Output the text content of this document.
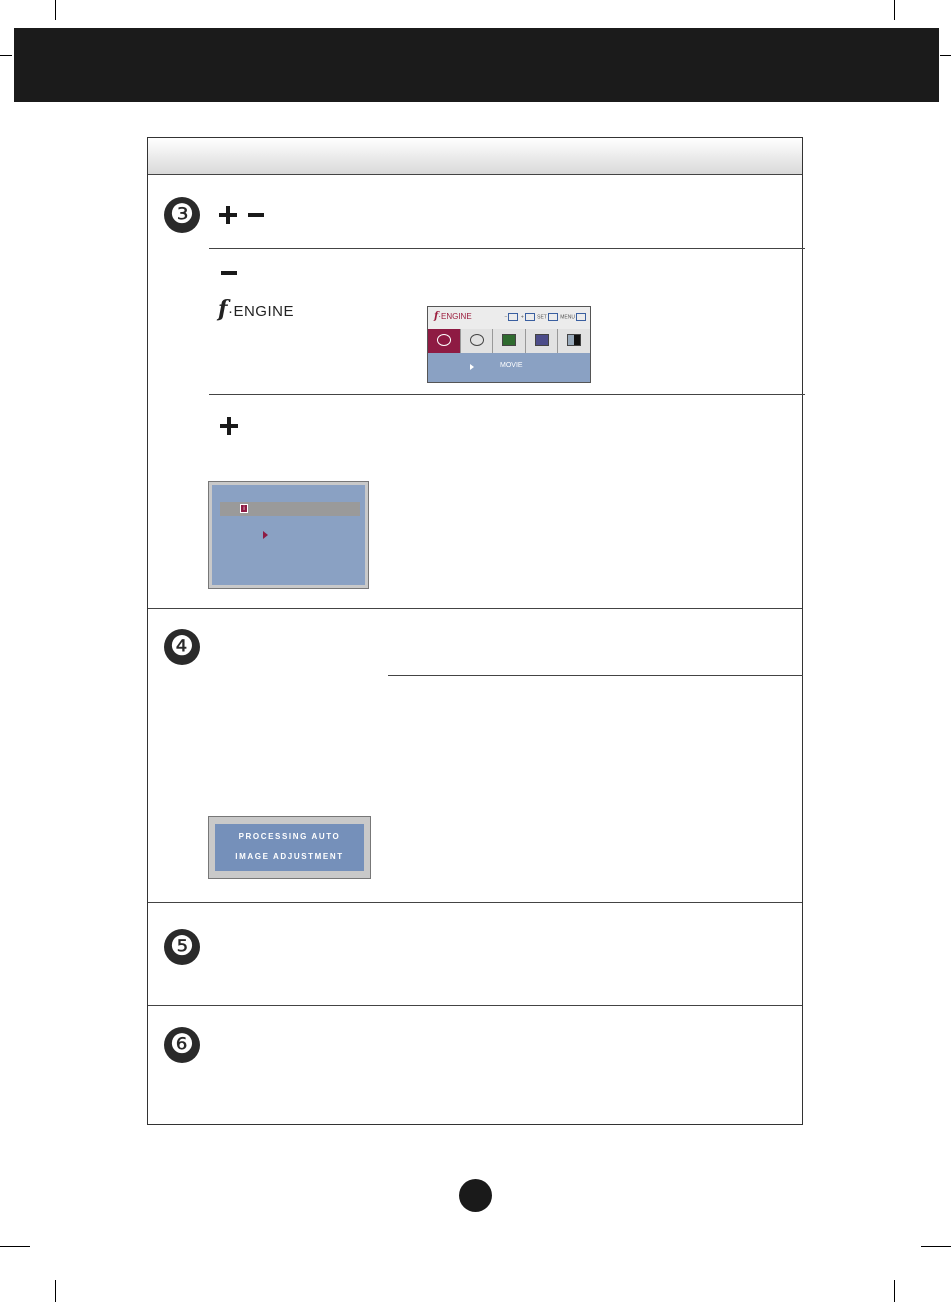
❸
f·ENGINE	f·ENGINE	−	+	SET	MENU
MOVIE
i
❹
PROCESSING AUTO
IMAGE ADJUSTMENT
❺
❻
